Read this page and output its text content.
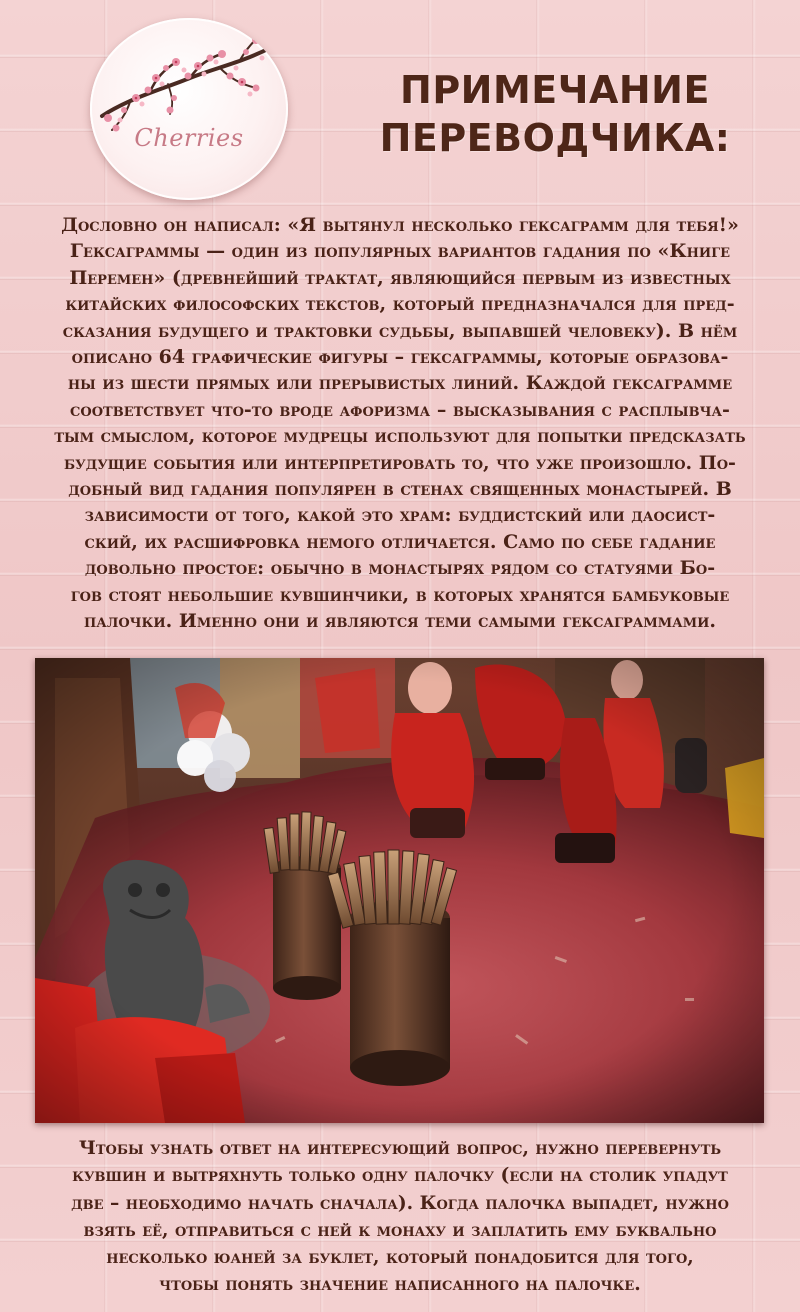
Cherries
ПРИМЕЧАНИЕ
ПЕРЕВОДЧИКА:
Дословно он написал: «Я вытянул несколько гексаграмм для тебя!»
Гексаграммы — один из популярных вариантов гадания по «Книге
Перемен» (древнейший трактат, являющийся первым из известных
китайских философских текстов, который предназначался для пред-
сказания будущего и трактовки судьбы, выпавшей человеку). В нём
описано 64 графические фигуры – гексаграммы, которые образова-
ны из шести прямых или прерывистых линий. Каждой гексаграмме
соответствует что-то вроде афоризма – высказывания с расплывча-
тым смыслом, которое мудрецы используют для попытки предсказать
будущие события или интерпретировать то, что уже произошло. По-
добный вид гадания популярен в стенах священных монастырей. В
зависимости от того, какой это храм: буддистский или даосист-
ский, их расшифровка немого отличается. Само по себе гадание
довольно простое: обычно в монастырях рядом со статуями Бо-
гов стоят небольшие кувшинчики, в которых хранятся бамбуковые
палочки. Именно они и являются теми самыми гексаграммами.
Чтобы узнать ответ на интересующий вопрос, нужно перевернуть
кувшин и вытряхнуть только одну палочку (если на столик упадут
две – необходимо начать сначала). Когда палочка выпадет, нужно
взять её, отправиться с ней к монаху и заплатить ему буквально
несколько юаней за буклет, который понадобится для того,
чтобы понять значение написанного на палочке.
